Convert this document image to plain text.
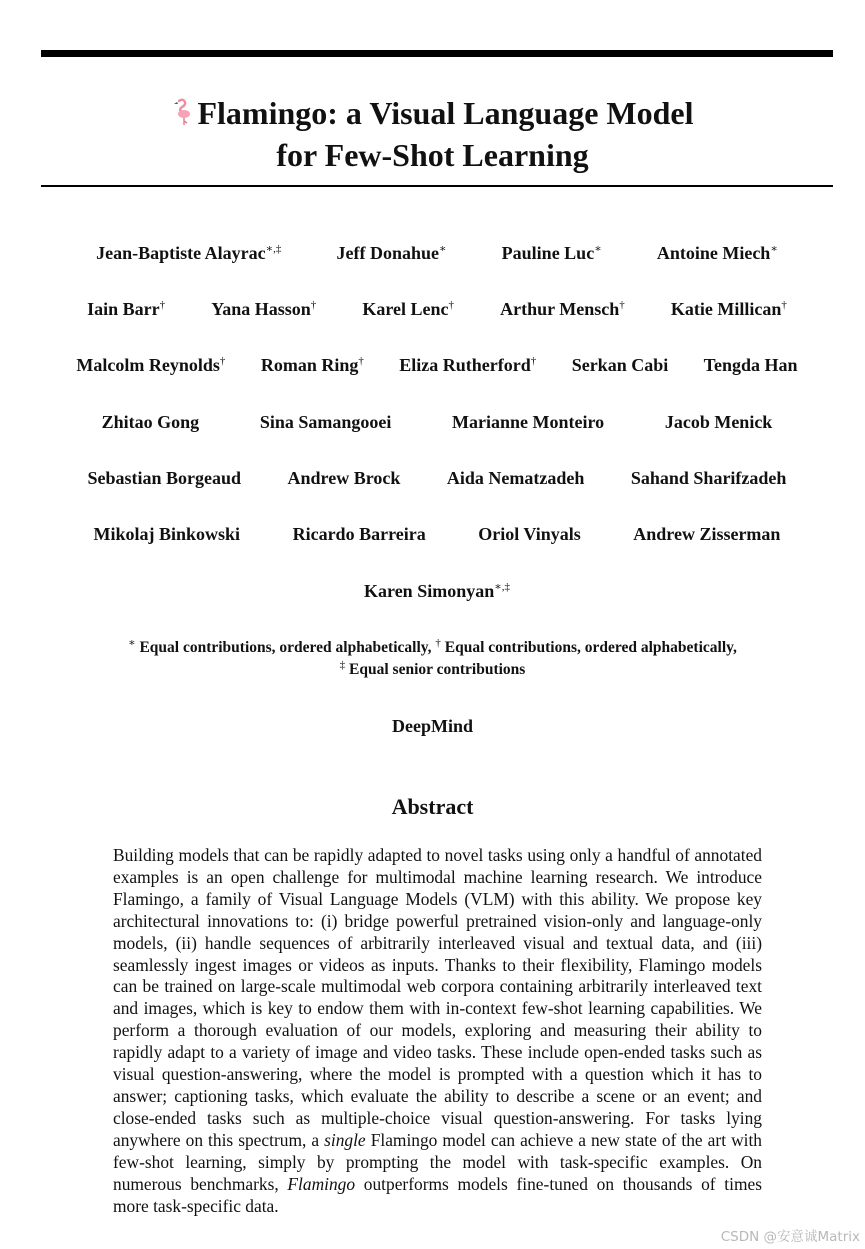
Flamingo: a Visual Language Model
for Few-Shot Learning
Jean-Baptiste Alayrac∗,‡	Jeff Donahue∗	Pauline Luc∗	Antoine Miech∗
Iain Barr†	Yana Hasson†	Karel Lenc†	Arthur Mensch†	Katie Millican†
Malcolm Reynolds† Roman Ring† Eliza Rutherford† Serkan Cabi Tengda Han
Zhitao Gong	Sina Samangooei	Marianne Monteiro	Jacob Menick
Sebastian Borgeaud	Andrew Brock	Aida Nematzadeh	Sahand Sharifzadeh
Mikolaj Binkowski	Ricardo Barreira	Oriol Vinyals	Andrew Zisserman
Karen Simonyan∗,‡
∗ Equal contributions, ordered alphabetically, † Equal contributions, ordered alphabetically,
‡ Equal senior contributions
DeepMind
Abstract
Building models that can be rapidly adapted to novel tasks using only a handful of annotated examples is an open challenge for multimodal machine learning research. We introduce Flamingo, a family of Visual Language Models (VLM) with this ability. We propose key architectural innovations to: (i) bridge powerful pretrained vision-only and language-only models, (ii) handle sequences of arbitrarily interleaved visual and textual data, and (iii) seamlessly ingest images or videos as inputs. Thanks to their flexibility, Flamingo models can be trained on large-scale multimodal web corpora containing arbitrarily interleaved text and images, which is key to endow them with in-context few-shot learning capabilities. We perform a thorough evaluation of our models, exploring and measuring their ability to rapidly adapt to a variety of image and video tasks. These include open-ended tasks such as visual question-answering, where the model is prompted with a question which it has to answer; captioning tasks, which evaluate the ability to describe a scene or an event; and close-ended tasks such as multiple-choice visual question-answering. For tasks lying anywhere on this spectrum, a single Flamingo model can achieve a new state of the art with few-shot learning, simply by prompting the model with task-specific examples. On numerous benchmarks, Flamingo outperforms models fine-tuned on thousands of times more task-specific data.
CSDN @安意诚Matrix
